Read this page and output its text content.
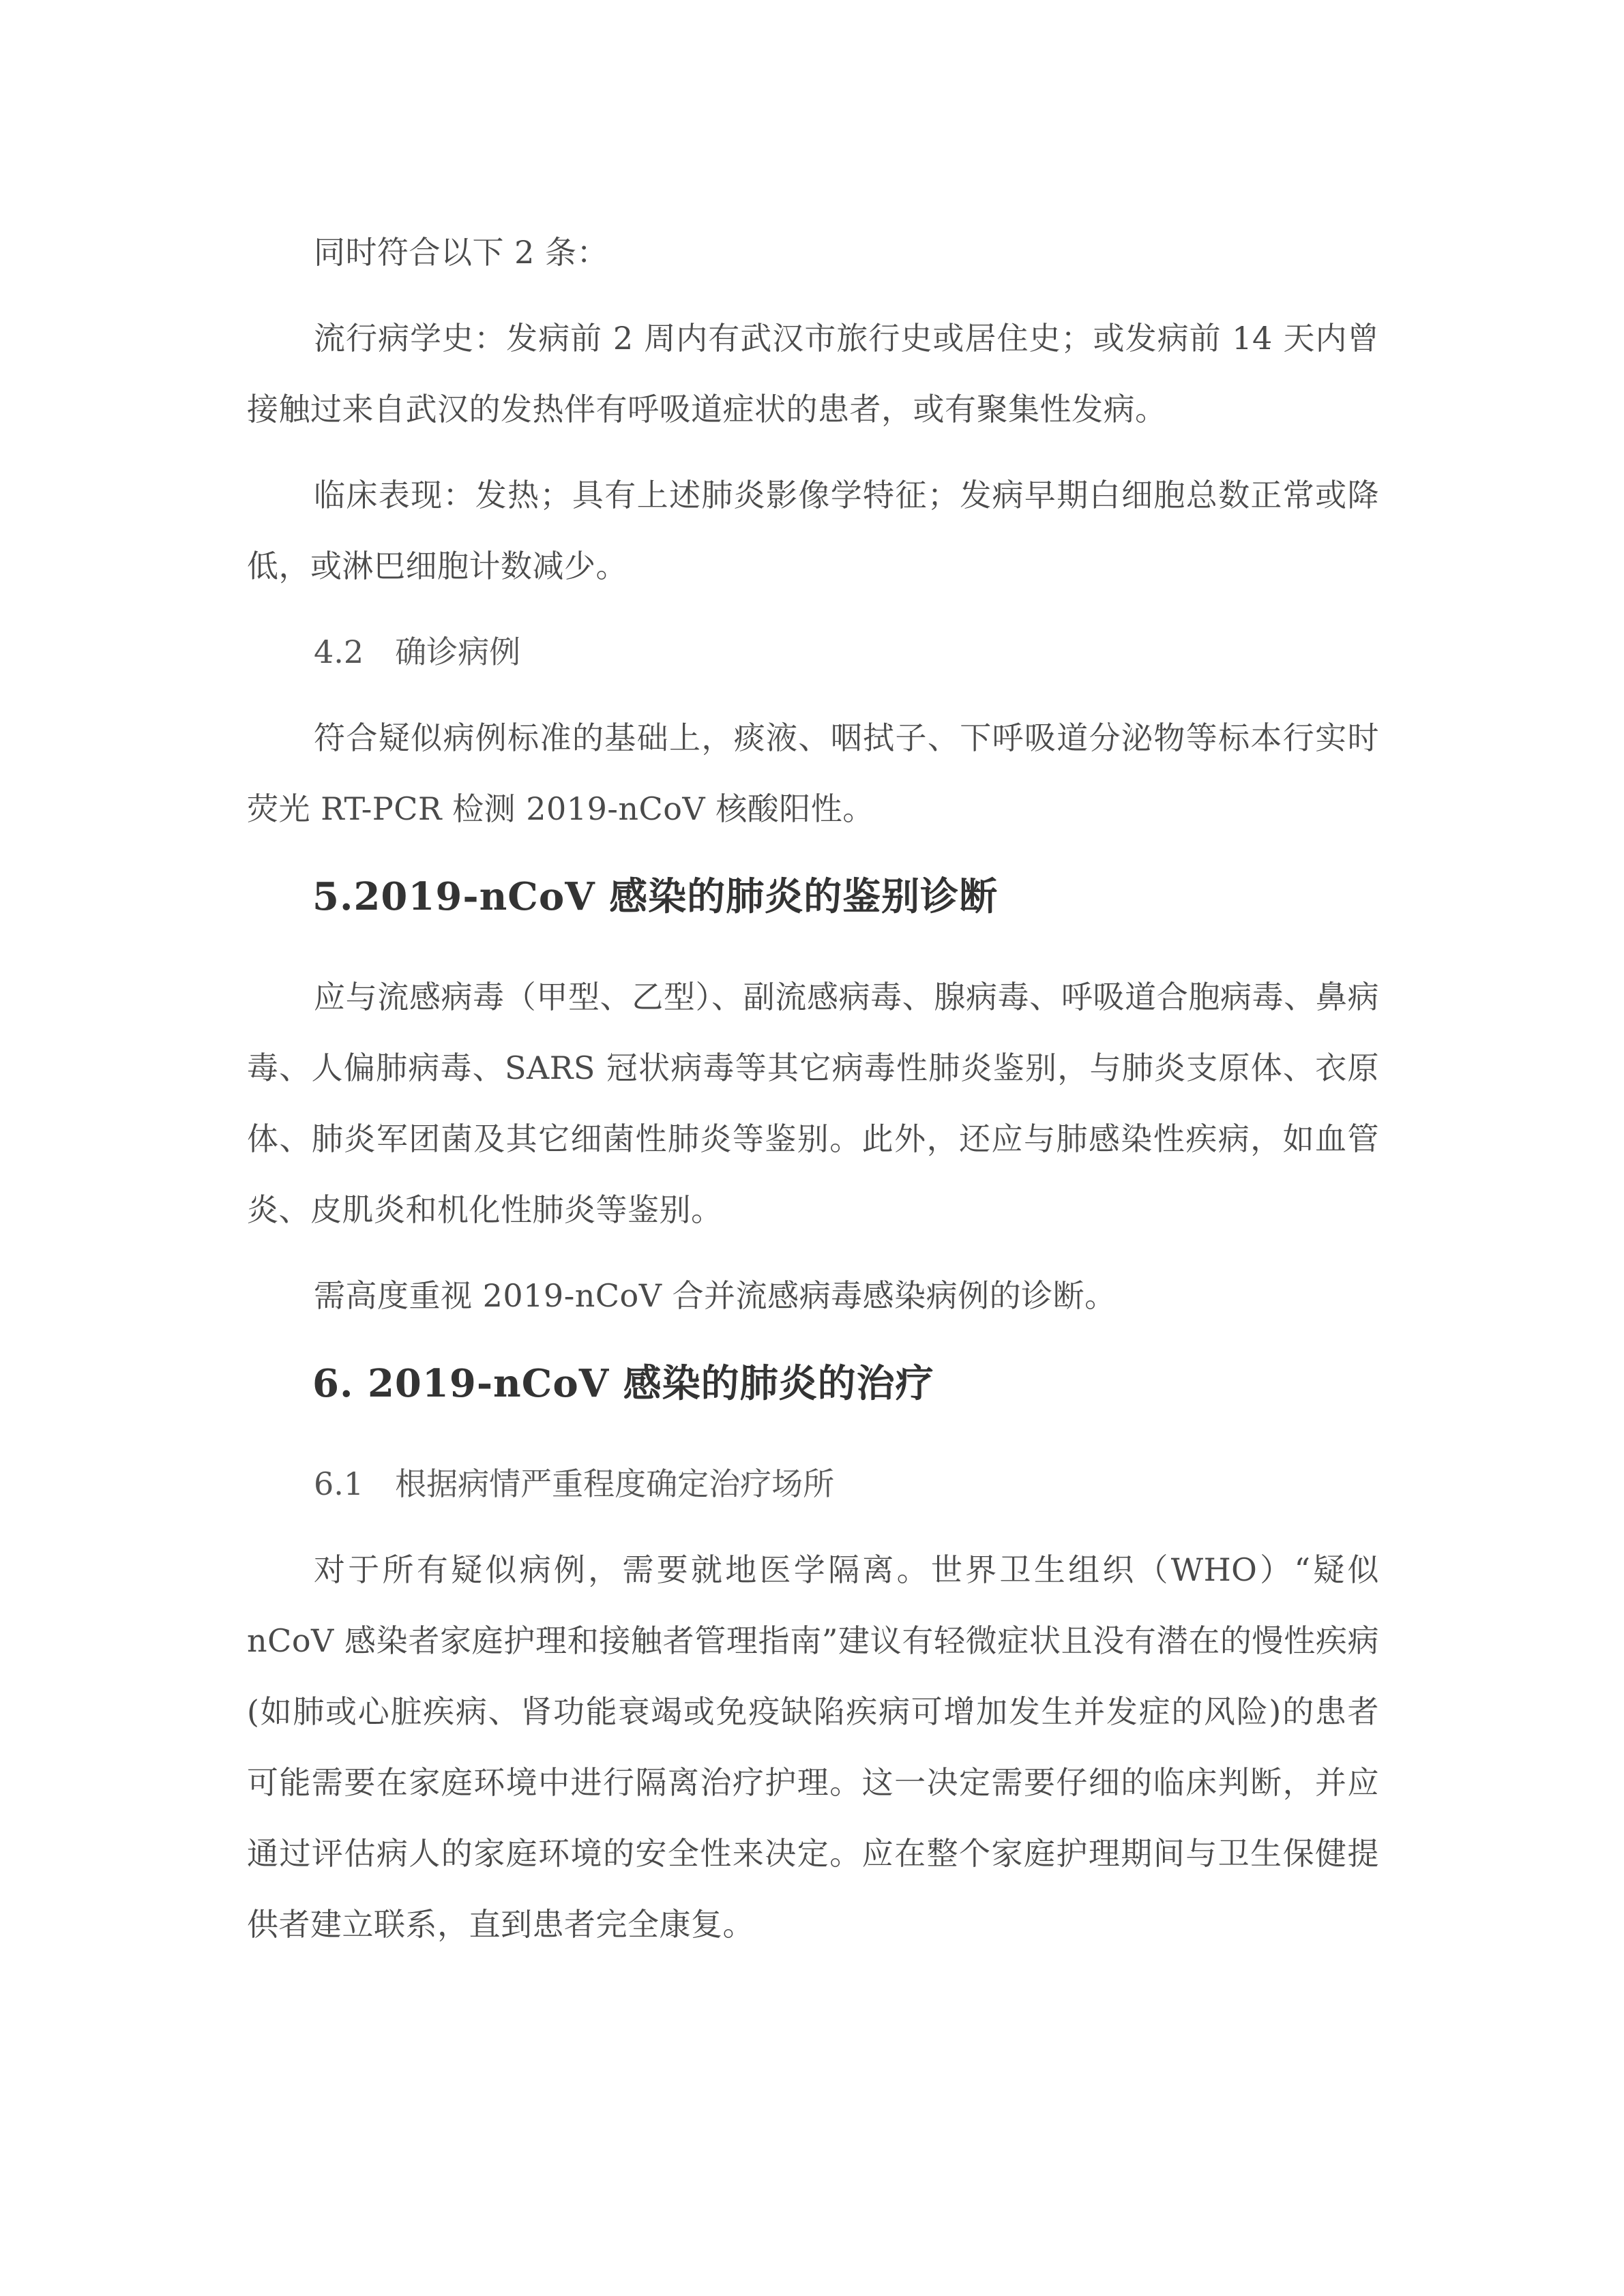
同时符合以下 2 条：

流行病学史：发病前 2 周内有武汉市旅行史或居住史；或发病前 14 天内曾接触过来自武汉的发热伴有呼吸道症状的患者，或有聚集性发病。

临床表现：发热；具有上述肺炎影像学特征；发病早期白细胞总数正常或降低，或淋巴细胞计数减少。

4.2　确诊病例

符合疑似病例标准的基础上，痰液、咽拭子、下呼吸道分泌物等标本行实时荧光 RT-PCR 检测 2019-nCoV 核酸阳性。

5.2019-nCoV 感染的肺炎的鉴别诊断

应与流感病毒（甲型、乙型）、副流感病毒、腺病毒、呼吸道合胞病毒、鼻病毒、人偏肺病毒、SARS 冠状病毒等其它病毒性肺炎鉴别，与肺炎支原体、衣原体、肺炎军团菌及其它细菌性肺炎等鉴别。此外，还应与肺感染性疾病，如血管炎、皮肌炎和机化性肺炎等鉴别。

需高度重视 2019-nCoV 合并流感病毒感染病例的诊断。

6. 2019-nCoV 感染的肺炎的治疗

6.1　根据病情严重程度确定治疗场所

对于所有疑似病例，需要就地医学隔离。世界卫生组织（WHO）“疑似 nCoV 感染者家庭护理和接触者管理指南”建议有轻微症状且没有潜在的慢性疾病(如肺或心脏疾病、肾功能衰竭或免疫缺陷疾病可增加发生并发症的风险)的患者可能需要在家庭环境中进行隔离治疗护理。这一决定需要仔细的临床判断，并应通过评估病人的家庭环境的安全性来决定。应在整个家庭护理期间与卫生保健提供者建立联系，直到患者完全康复。
